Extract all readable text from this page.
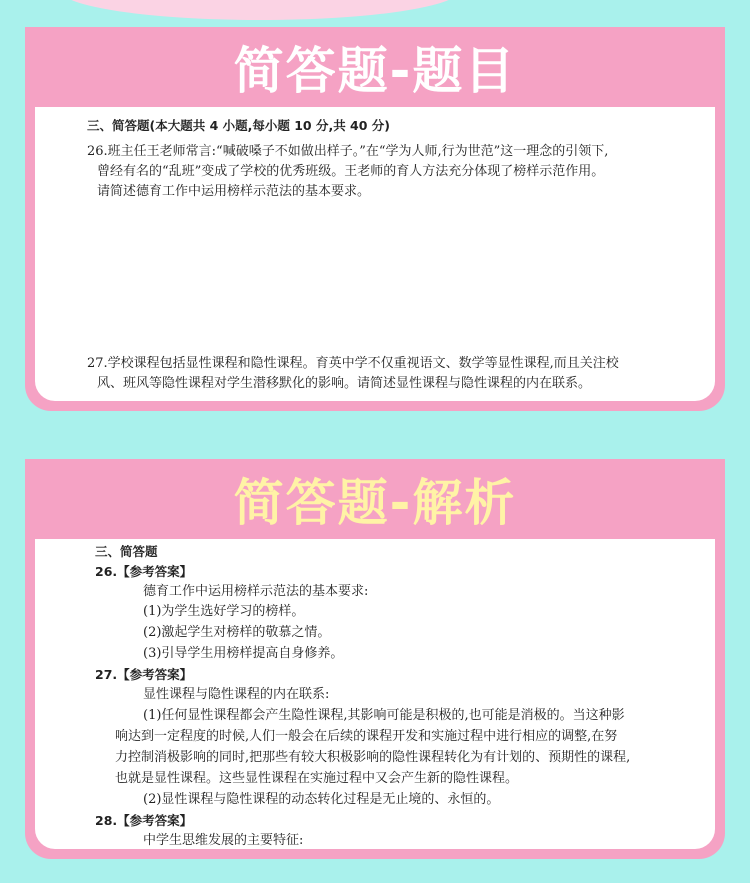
简答题-题目
三、简答题(本大题共 4 小题,每小题 10 分,共 40 分)
26.班主任王老师常言:“喊破嗓子不如做出样子。”在“学为人师,行为世范”这一理念的引领下,
曾经有名的“乱班”变成了学校的优秀班级。王老师的育人方法充分体现了榜样示范作用。
请简述德育工作中运用榜样示范法的基本要求。
27.学校课程包括显性课程和隐性课程。育英中学不仅重视语文、数学等显性课程,而且关注校
风、班风等隐性课程对学生潜移默化的影响。请简述显性课程与隐性课程的内在联系。
简答题-解析
三、简答题
26.【参考答案】
德育工作中运用榜样示范法的基本要求:
(1)为学生选好学习的榜样。
(2)激起学生对榜样的敬慕之情。
(3)引导学生用榜样提高自身修养。
27.【参考答案】
显性课程与隐性课程的内在联系:
(1)任何显性课程都会产生隐性课程,其影响可能是积极的,也可能是消极的。当这种影
响达到一定程度的时候,人们一般会在后续的课程开发和实施过程中进行相应的调整,在努
力控制消极影响的同时,把那些有较大积极影响的隐性课程转化为有计划的、预期性的课程,
也就是显性课程。这些显性课程在实施过程中又会产生新的隐性课程。
(2)显性课程与隐性课程的动态转化过程是无止境的、永恒的。
28.【参考答案】
中学生思维发展的主要特征:
